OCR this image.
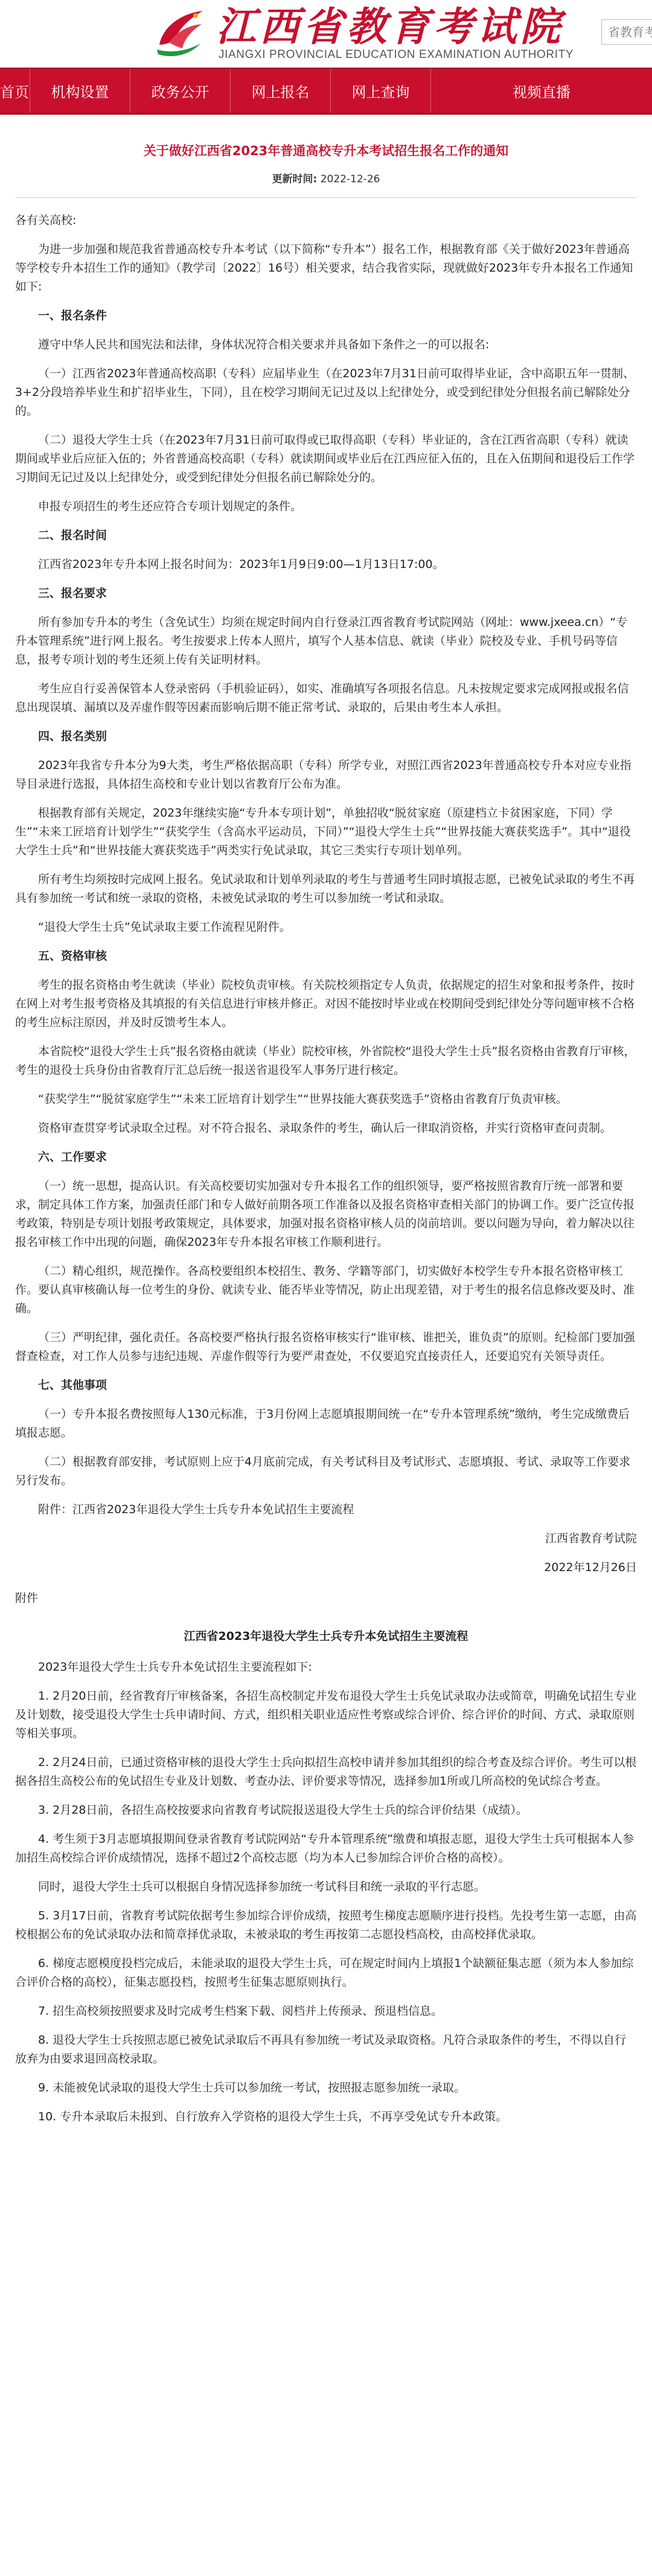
江西省教育考试院
JIANGXI PROVINCIAL EDUCATION EXAMINATION AUTHORITY
省教育考
首页	机构设置	政务公开	网上报名	网上查询	视频直播
关于做好江西省2023年普通高校专升本考试招生报名工作的通知
更新时间: 2022-12-26

各有关高校:

为进一步加强和规范我省普通高校专升本考试（以下简称“专升本”）报名工作，根据教育部《关于做好2023年普通高等学校专升本招生工作的通知》（教学司〔2022〕16号）相关要求，结合我省实际，现就做好2023年专升本报名工作通知如下:

一、报名条件

遵守中华人民共和国宪法和法律，身体状况符合相关要求并具备如下条件之一的可以报名:

（一）江西省2023年普通高校高职（专科）应届毕业生（在2023年7月31日前可取得毕业证，含中高职五年一贯制、3+2分段培养毕业生和扩招毕业生，下同），且在校学习期间无记过及以上纪律处分，或受到纪律处分但报名前已解除处分的。

（二）退役大学生士兵（在2023年7月31日前可取得或已取得高职（专科）毕业证的，含在江西省高职（专科）就读期间或毕业后应征入伍的；外省普通高校高职（专科）就读期间或毕业后在江西应征入伍的，且在入伍期间和退役后工作学习期间无记过及以上纪律处分，或受到纪律处分但报名前已解除处分的。

申报专项招生的考生还应符合专项计划规定的条件。

二、报名时间

江西省2023年专升本网上报名时间为：2023年1月9日9:00—1月13日17:00。

三、报名要求

所有参加专升本的考生（含免试生）均须在规定时间内自行登录江西省教育考试院网站（网址：www.jxeea.cn）“专升本管理系统”进行网上报名。考生按要求上传本人照片，填写个人基本信息、就读（毕业）院校及专业、手机号码等信息，报考专项计划的考生还须上传有关证明材料。

考生应自行妥善保管本人登录密码（手机验证码），如实、准确填写各项报名信息。凡未按规定要求完成网报或报名信息出现误填、漏填以及弄虚作假等因素而影响后期不能正常考试、录取的，后果由考生本人承担。

四、报名类别

2023年我省专升本分为9大类，考生严格依据高职（专科）所学专业，对照江西省2023年普通高校专升本对应专业指导目录进行选报，具体招生高校和专业计划以省教育厅公布为准。

根据教育部有关规定，2023年继续实施“专升本专项计划”，单独招收“脱贫家庭（原建档立卡贫困家庭，下同）学生”“未来工匠培育计划学生”“获奖学生（含高水平运动员，下同）”“退役大学生士兵”“世界技能大赛获奖选手”。其中“退役大学生士兵”和“世界技能大赛获奖选手”两类实行免试录取，其它三类实行专项计划单列。

所有考生均须按时完成网上报名。免试录取和计划单列录取的考生与普通考生同时填报志愿，已被免试录取的考生不再具有参加统一考试和统一录取的资格，未被免试录取的考生可以参加统一考试和录取。

“退役大学生士兵”免试录取主要工作流程见附件。

五、资格审核

考生的报名资格由考生就读（毕业）院校负责审核。有关院校须指定专人负责，依据规定的招生对象和报考条件，按时在网上对考生报考资格及其填报的有关信息进行审核并修正。对因不能按时毕业或在校期间受到纪律处分等问题审核不合格的考生应标注原因，并及时反馈考生本人。

本省院校“退役大学生士兵”报名资格由就读（毕业）院校审核，外省院校“退役大学生士兵”报名资格由省教育厅审核，考生的退役士兵身份由省教育厅汇总后统一报送省退役军人事务厅进行核定。

“获奖学生”“脱贫家庭学生”“未来工匠培育计划学生”“世界技能大赛获奖选手”资格由省教育厅负责审核。

资格审查贯穿考试录取全过程。对不符合报名、录取条件的考生，确认后一律取消资格，并实行资格审查问责制。

六、工作要求

（一）统一思想，提高认识。有关高校要切实加强对专升本报名工作的组织领导，要严格按照省教育厅统一部署和要求，制定具体工作方案，加强责任部门和专人做好前期各项工作准备以及报名资格审查相关部门的协调工作。要广泛宣传报考政策，特别是专项计划报考政策规定，具体要求，加强对报名资格审核人员的岗前培训。要以问题为导向，着力解决以往报名审核工作中出现的问题，确保2023年专升本报名审核工作顺利进行。

（二）精心组织，规范操作。各高校要组织本校招生、教务、学籍等部门，切实做好本校学生专升本报名资格审核工作。要认真审核确认每一位考生的身份、就读专业、能否毕业等情况，防止出现差错，对于考生的报名信息修改要及时、准确。

（三）严明纪律，强化责任。各高校要严格执行报名资格审核实行“谁审核、谁把关，谁负责”的原则。纪检部门要加强督查检查，对工作人员参与违纪违规、弄虚作假等行为要严肃查处，不仅要追究直接责任人，还要追究有关领导责任。

七、其他事项

（一）专升本报名费按照每人130元标准，于3月份网上志愿填报期间统一在“专升本管理系统”缴纳，考生完成缴费后填报志愿。

（二）根据教育部安排，考试原则上应于4月底前完成，有关考试科目及考试形式、志愿填报、考试、录取等工作要求另行发布。

附件：江西省2023年退役大学生士兵专升本免试招生主要流程

江西省教育考试院

2022年12月26日

附件

江西省2023年退役大学生士兵专升本免试招生主要流程

2023年退役大学生士兵专升本免试招生主要流程如下:

1. 2月20日前，经省教育厅审核备案，各招生高校制定并发布退役大学生士兵免试录取办法或简章，明确免试招生专业及计划数，接受退役大学生士兵申请时间、方式，组织相关职业适应性考察或综合评价、综合评价的时间、方式、录取原则等相关事项。

2. 2月24日前，已通过资格审核的退役大学生士兵向拟招生高校申请并参加其组织的综合考查及综合评价。考生可以根据各招生高校公布的免试招生专业及计划数、考查办法、评价要求等情况，选择参加1所或几所高校的免试综合考查。

3. 2月28日前，各招生高校按要求向省教育考试院报送退役大学生士兵的综合评价结果（成绩）。

4. 考生须于3月志愿填报期间登录省教育考试院网站“专升本管理系统”缴费和填报志愿，退役大学生士兵可根据本人参加招生高校综合评价成绩情况，选择不超过2个高校志愿（均为本人已参加综合评价合格的高校）。

同时，退役大学生士兵可以根据自身情况选择参加统一考试科目和统一录取的平行志愿。

5. 3月17日前，省教育考试院依据考生参加综合评价成绩，按照考生梯度志愿顺序进行投档。先投考生第一志愿，由高校根据公布的免试录取办法和简章择优录取，未被录取的考生再按第二志愿投档高校，由高校择优录取。

6. 梯度志愿模度投档完成后，未能录取的退役大学生士兵，可在规定时间内上填报1个缺额征集志愿（须为本人参加综合评价合格的高校），征集志愿投档，按照考生征集志愿原则执行。

7. 招生高校须按照要求及时完成考生档案下载、阅档并上传预录、预退档信息。

8. 退役大学生士兵按照志愿已被免试录取后不再具有参加统一考试及录取资格。凡符合录取条件的考生，不得以自行放弃为由要求退回高校录取。

9. 未能被免试录取的退役大学生士兵可以参加统一考试，按照报志愿参加统一录取。

10. 专升本录取后未报到、自行放弃入学资格的退役大学生士兵，不再享受免试专升本政策。
